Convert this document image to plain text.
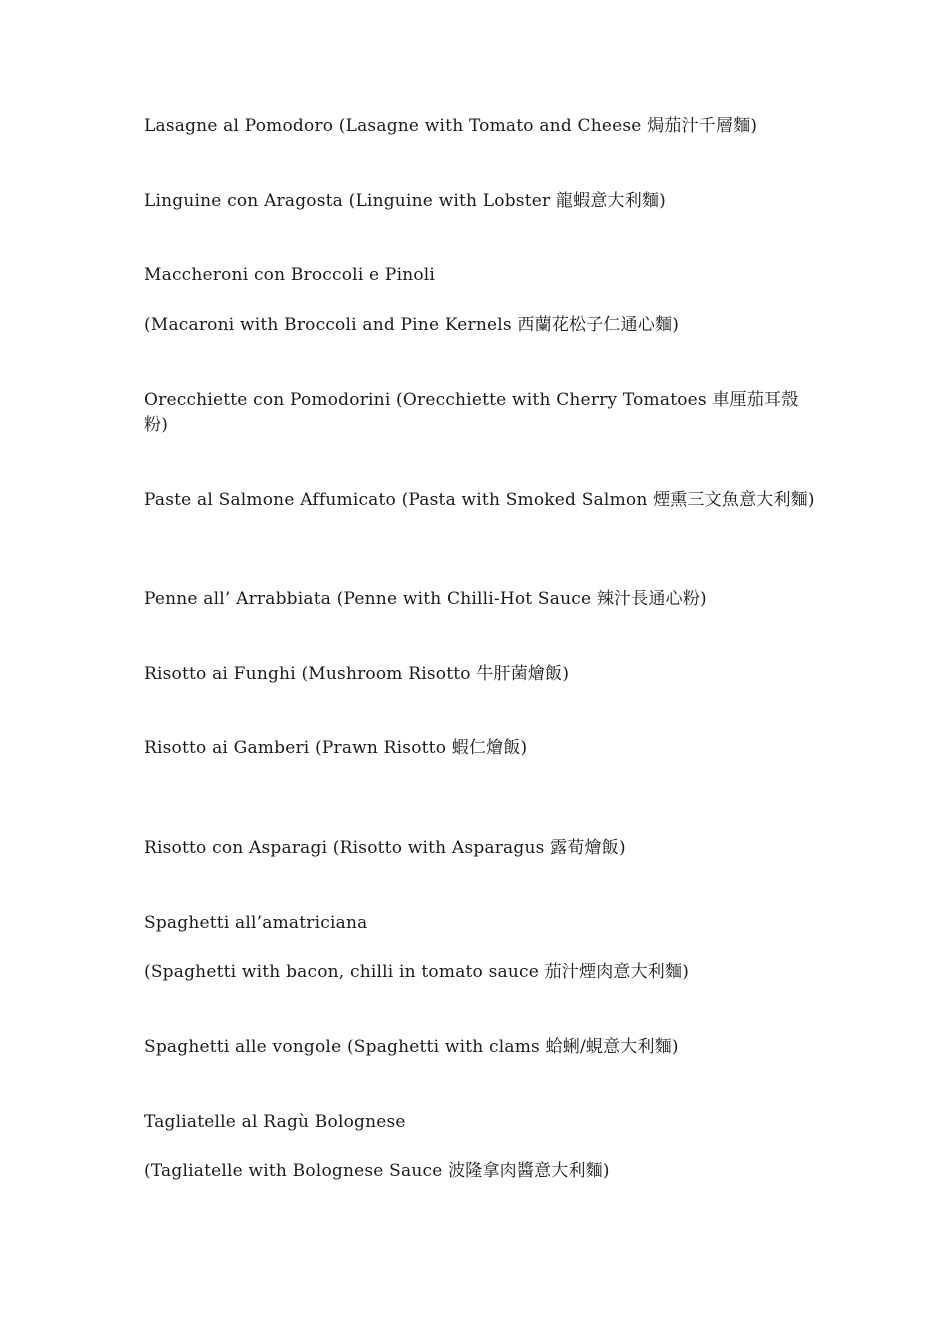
Lasagne al Pomodoro (Lasagne with Tomato and Cheese 焗茄汁千層麵)
Linguine con Aragosta (Linguine with Lobster 龍蝦意大利麵)
Maccheroni con Broccoli e Pinoli
(Macaroni with Broccoli and Pine Kernels 西蘭花松子仁通心麵)
Orecchiette con Pomodorini (Orecchiette with Cherry Tomatoes 車厘茄耳殼粉)
Paste al Salmone Affumicato (Pasta with Smoked Salmon 煙熏三文魚意大利麵)
Penne all’ Arrabbiata (Penne with Chilli-Hot Sauce 辣汁長通心粉)
Risotto ai Funghi (Mushroom Risotto 牛肝菌燴飯)
Risotto ai Gamberi (Prawn Risotto 蝦仁燴飯)
Risotto con Asparagi (Risotto with Asparagus 露荀燴飯)
Spaghetti all’amatriciana
(Spaghetti with bacon, chilli in tomato sauce 茄汁煙肉意大利麵)
Spaghetti alle vongole (Spaghetti with clams 蛤蜊/蜆意大利麵)
Tagliatelle al Ragù Bolognese
(Tagliatelle with Bolognese Sauce 波隆拿肉醬意大利麵)
